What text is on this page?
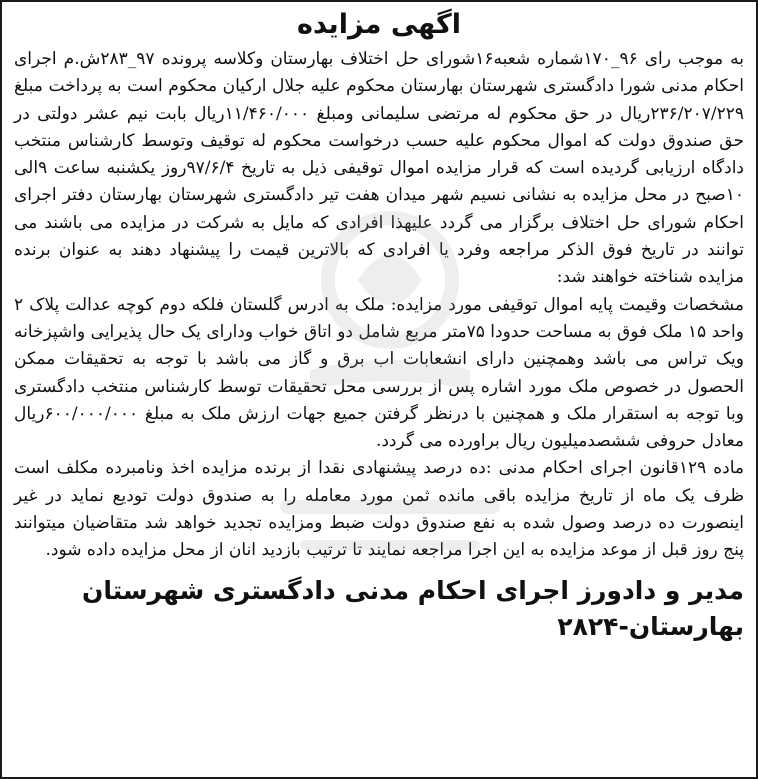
اگهی مزایده

به موجب رای ۹۶_۱۷۰شماره شعبه۱۶شورای حل اختلاف بهارستان وکلاسه پرونده ۹۷_۲۸۳ش.م اجرای احکام مدنی شورا دادگستری شهرستان بهارستان محکوم علیه جلال ارکیان محکوم است به پرداخت مبلغ ۲۳۶/۲۰۷/۲۲۹ریال در حق محکوم له مرتضی سلیمانی ومبلغ ۱۱/۴۶۰/۰۰۰ریال بابت نیم عشر دولتی در حق صندوق دولت که اموال محکوم علیه حسب درخواست محکوم له توقیف وتوسط کارشناس منتخب دادگاه ارزیابی گردیده است که قرار مزایده اموال توقیفی ذیل به تاریخ ۹۷/۶/۴روز یکشنبه ساعت ۹الی ۱۰صبح در محل مزایده به نشانی نسیم شهر میدان هفت تیر دادگستری شهرستان بهارستان دفتر اجرای احکام شورای حل اختلاف برگزار می گردد علیهذا افرادی که مایل به شرکت در مزایده می باشند می توانند در تاریخ فوق الذکر مراجعه وفرد یا افرادی که بالاترین قیمت را پیشنهاد دهند به عنوان برنده مزایده شناخته خواهند شد:

مشخصات وقیمت پایه اموال توقیفی مورد مزایده: ملک به ادرس گلستان فلکه دوم کوچه عدالت پلاک ۲ واحد ۱۵ ملک فوق به مساحت حدودا ۷۵متر مربع شامل دو اتاق خواب ودارای یک حال پذیرایی واشپزخانه ویک تراس می باشد وهمچنین دارای انشعابات اب برق و گاز می باشد با توجه به تحقیقات ممکن الحصول در خصوص ملک مورد اشاره پس از بررسی محل تحقیقات توسط کارشناس منتخب دادگستری وبا توجه به استقرار ملک و همچنین با درنظر گرفتن جمیع جهات ارزش ملک به مبلغ ۶۰۰/۰۰۰/۰۰۰ریال معادل حروفی ششصدمیلیون ریال براورده می گردد.

ماده ۱۲۹قانون اجرای احکام مدنی :ده درصد پیشنهادی نقدا از برنده مزایده اخذ ونامبرده مکلف است ظرف یک ماه از تاریخ مزایده باقی مانده ثمن مورد معامله را به صندوق دولت تودیع نماید در غیر اینصورت ده درصد وصول شده به نفع صندوق دولت ضبط ومزایده تجدید خواهد شد متقاضیان میتوانند پنج روز قبل از موعد مزایده به این اجرا مراجعه نمایند تا ترتیب بازدید انان از محل مزایده داده شود.

مدیر و دادورز اجرای احکام مدنی دادگستری شهرستان
بهارستان-۲۸۲۴
